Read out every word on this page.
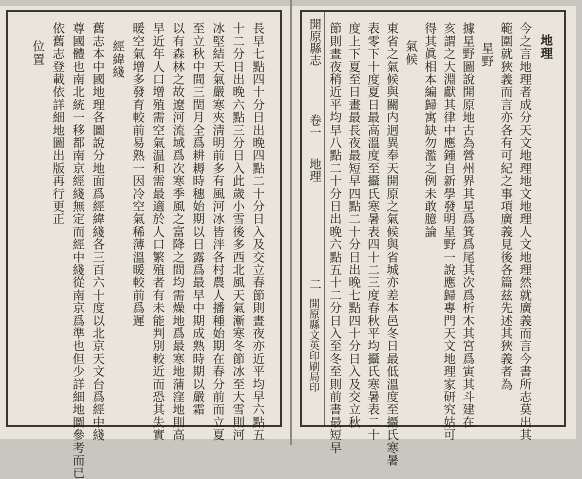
開原縣志
卷一
地理
二
開原縣文英印刷局印 節則晝夜稍近平均早八點二十分日出晚六點五十二分日入至冬至則前書最短早 度上下夏至日畫最長夜最短早四點二十分日出晚七點四十分日入及交立秋 表零下十度夏日最高溫度至攝氏寒暑表四十二三度春秋平均攝氏寒暑表二十 東省之氣候與關内迥異奉天開原之氣候與省城亦差本邑冬日最低溫度至攝氏寒暑 氣候 得其眞相本編歸寓缺勿濫之例未敢臆論 亥謂之大淵獻其律中應鍾自新學發明星野一說應歸專門天文地理家研究姑可 據星野圖說開原地古為營州界其星爲箕爲尾其次爲析木其宮爲寅其斗建在 星野 範圍就狹義而言亦各有可紀之事項廣義見後各篇兹先述其狹義者為 今之言地理者成分天文地理地文地理人文地理然就廣義而言今書所志莫出其 地理
位置 依舊志登載依詳細地圖出版再行更正 尊國體也南北統一移都南京經綫無定而經中綫從南京爲準也但少詳細地圖參考而已 舊志本中國地理各圖說分地面爲經緯綫各三百六十度以北京天文台爲經中綫 經緯綫 暖空氣增多發育較前易熟一因冷空氣稀薄溫暖較前爲遲 早近年人口增殖需空氣温和需最適於人口繁殖者有未能判別較近而恐其失實 以有森林之故遼河流域爲次寒季風之富降之間均需燥地爲最寒地蒲窪地則高 至立秋中間三閏月全爲耕耨時穗始期以日露爲最早中期成熟時期以嚴霜 冰堅結天氣嚴寒夾淸明前多有風河冰皆泮各村農人播種始期在春分前而立夏 十二分日出晚六點三分日入此歲小雪後多西北風天氣漸寒冬節冰至大雪則河 長早七點四十分日出晚四點二十分日入及交立春節則晝夜亦近平均早六點五
